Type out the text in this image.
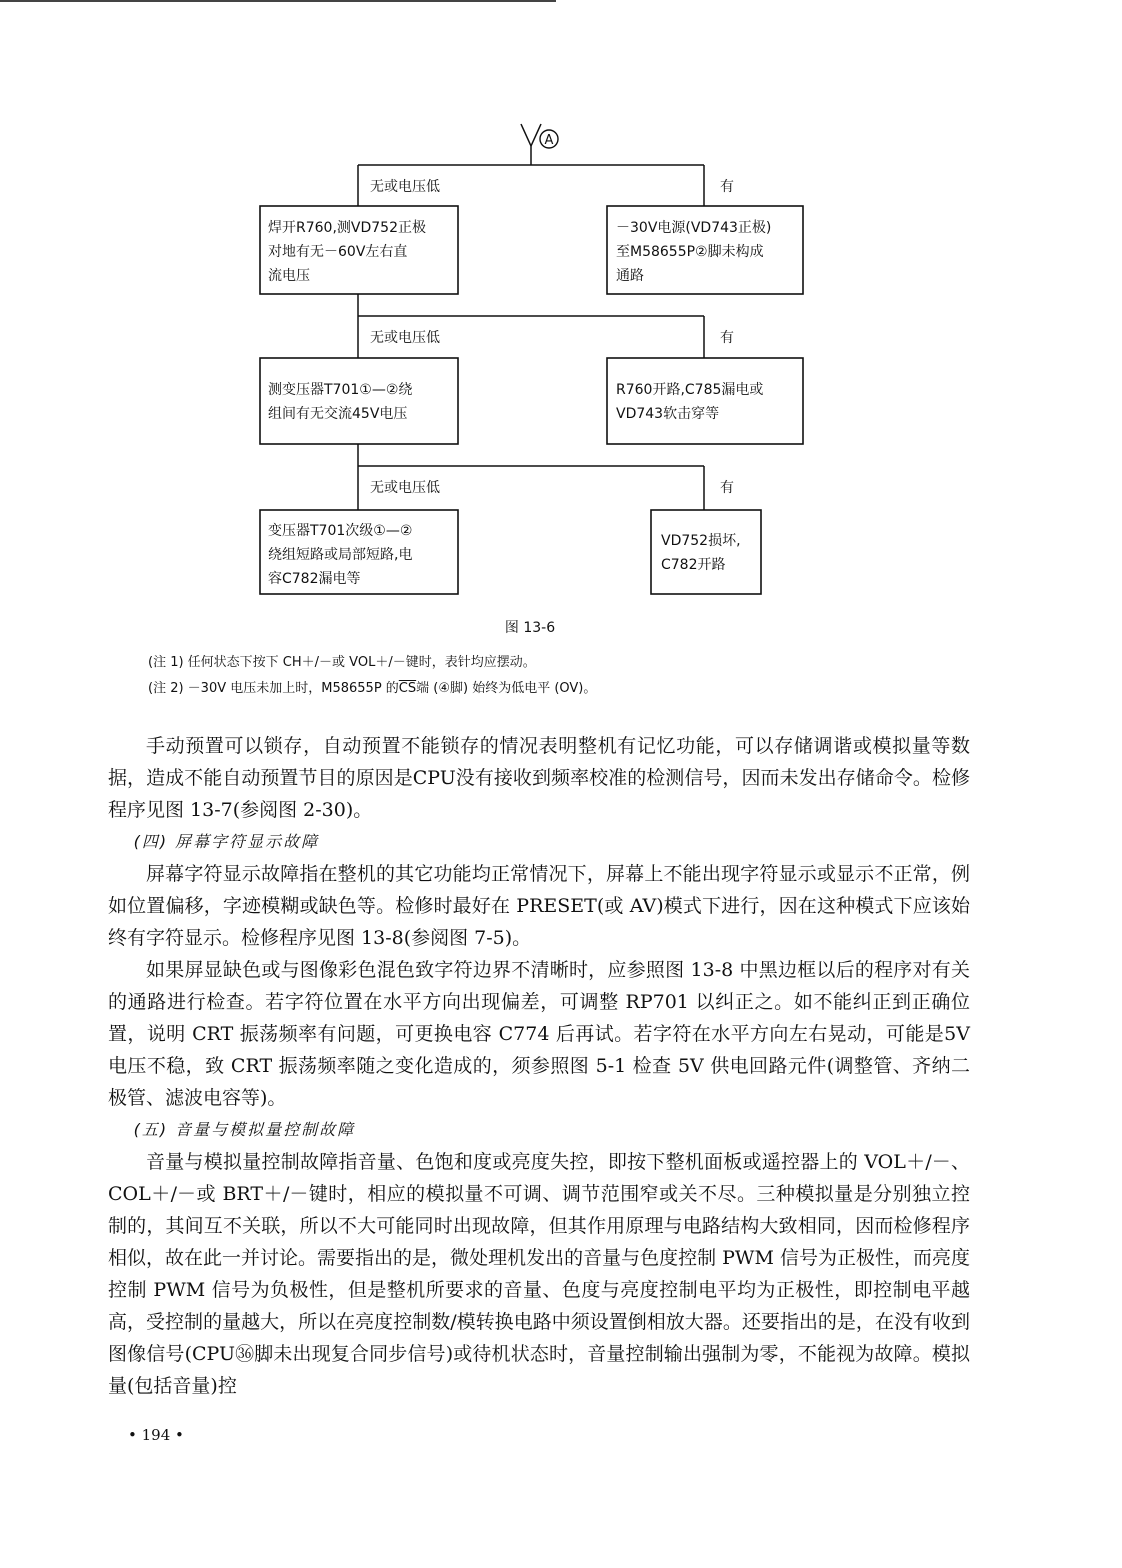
A
无或电压低	有
无或电压低	有
无或电压低	有
焊开R760,测VD752正极
对地有无－60V左右直
流电压
－30V电源(VD743正极)
至M58655P②脚未构成
通路
测变压器T701①—②绕
组间有无交流45V电压
R760开路,C785漏电或
VD743软击穿等
变压器T701次级①—②
绕组短路或局部短路,电
容C782漏电等
VD752损坏,
C782开路
图 13-6
(注 1) 任何状态下按下 CH＋/－或 VOL＋/－键时，表针均应摆动。
(注 2) －30V 电压未加上时，M58655P 的$\overline{CS}$端 (④脚) 始终为低电平 (OV)。

手动预置可以锁存，自动预置不能锁存的情况表明整机有记忆功能，可以存储调谐或模拟量等数据，造成不能自动预置节目的原因是CPU没有接收到频率校准的检测信号，因而未发出存储命令。检修程序见图 13-7(参阅图 2-30)。

(四) 屏幕字符显示故障

屏幕字符显示故障指在整机的其它功能均正常情况下，屏幕上不能出现字符显示或显示不正常，例如位置偏移，字迹模糊或缺色等。检修时最好在 PRESET(或 AV)模式下进行，因在这种模式下应该始终有字符显示。检修程序见图 13-8(参阅图 7-5)。

如果屏显缺色或与图像彩色混色致字符边界不清晰时，应参照图 13-8 中黑边框以后的程序对有关的通路进行检查。若字符位置在水平方向出现偏差，可调整 RP701 以纠正之。如不能纠正到正确位置，说明 CRT 振荡频率有问题，可更换电容 C774 后再试。若字符在水平方向左右晃动，可能是5V 电压不稳，致 CRT 振荡频率随之变化造成的，须参照图 5-1 检查 5V 供电回路元件(调整管、齐纳二极管、滤波电容等)。

(五) 音量与模拟量控制故障

音量与模拟量控制故障指音量、色饱和度或亮度失控，即按下整机面板或遥控器上的 VOL＋/－、COL＋/－或 BRT＋/－键时，相应的模拟量不可调、调节范围窄或关不尽。三种模拟量是分别独立控制的，其间互不关联，所以不大可能同时出现故障，但其作用原理与电路结构大致相同，因而检修程序相似，故在此一并讨论。需要指出的是，微处理机发出的音量与色度控制 PWM 信号为正极性，而亮度控制 PWM 信号为负极性，但是整机所要求的音量、色度与亮度控制电平均为正极性，即控制电平越高，受控制的量越大，所以在亮度控制数/模转换电路中须设置倒相放大器。还要指出的是，在没有收到图像信号(CPU㊱脚未出现复合同步信号)或待机状态时，音量控制输出强制为零，不能视为故障。模拟量(包括音量)控

• 194 •
